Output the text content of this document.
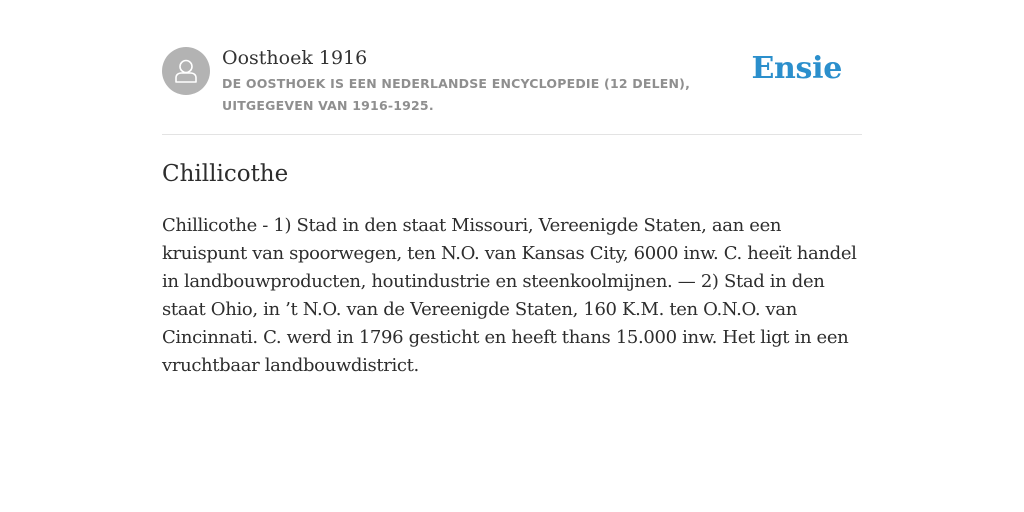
Oosthoek 1916
DE OOSTHOEK IS EEN NEDERLANDSE ENCYCLOPEDIE (12 DELEN), UITGEGEVEN VAN 1916-1925.
Ensie
Chillicothe

Chillicothe - 1) Stad in den staat Missouri, Vereenigde Staten, aan een kruispunt van spoorwegen, ten N.O. van Kansas City, 6000 inw. C. heeït handel in landbouwproducten, houtindustrie en steenkoolmijnen. — 2) Stad in den staat Ohio, in ’t N.O. van de Vereenigde Staten, 160 K.M. ten O.N.O. van Cincinnati. C. werd in 1796 gesticht en heeft thans 15.000 inw. Het ligt in een vruchtbaar landbouwdistrict.
